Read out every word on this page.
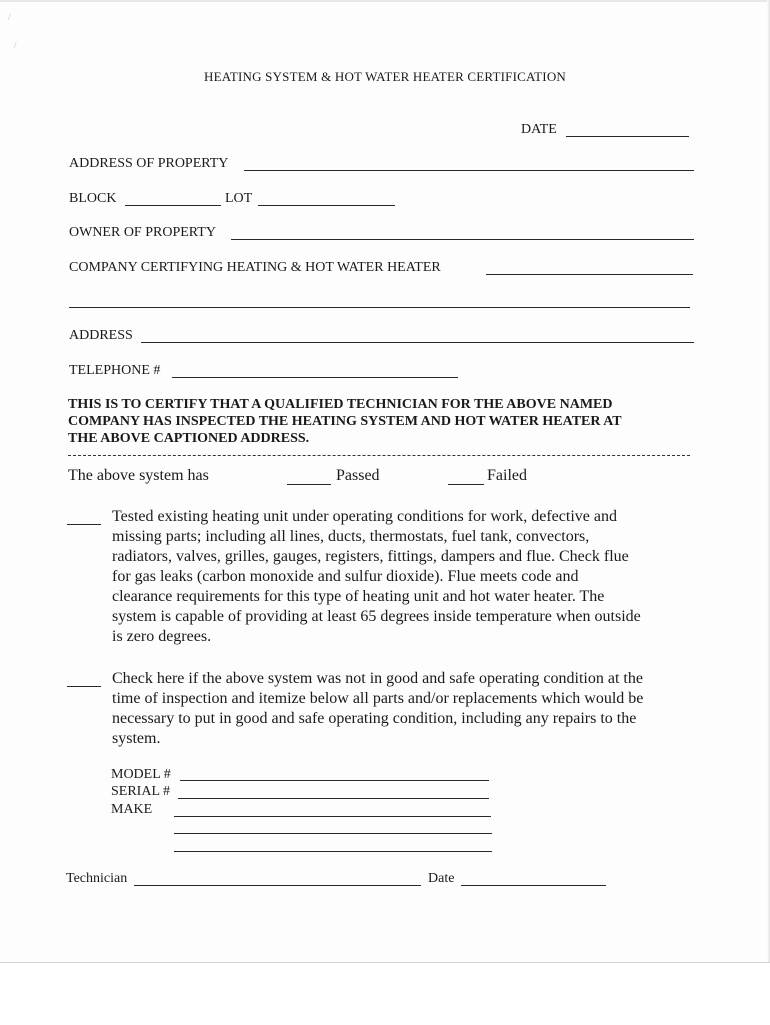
/
/
HEATING SYSTEM & HOT WATER HEATER CERTIFICATION
DATE
ADDRESS OF PROPERTY
BLOCK	LOT
OWNER OF PROPERTY
COMPANY CERTIFYING HEATING & HOT WATER HEATER
ADDRESS
TELEPHONE #
THIS IS TO CERTIFY THAT A QUALIFIED TECHNICIAN FOR THE ABOVE NAMED
COMPANY HAS INSPECTED THE HEATING SYSTEM AND HOT WATER HEATER AT
THE ABOVE CAPTIONED ADDRESS.
The above system has	Passed	Failed
Tested existing heating unit under operating conditions for work, defective and
missing parts; including all lines, ducts, thermostats, fuel tank, convectors,
radiators, valves, grilles, gauges, registers, fittings, dampers and flue. Check flue
for gas leaks (carbon monoxide and sulfur dioxide). Flue meets code and
clearance requirements for this type of heating unit and hot water heater. The
system is capable of providing at least 65 degrees inside temperature when outside
is zero degrees.
Check here if the above system was not in good and safe operating condition at the
time of inspection and itemize below all parts and/or replacements which would be
necessary to put in good and safe operating condition, including any repairs to the
system.
MODEL #
SERIAL #
MAKE
Technician	Date
